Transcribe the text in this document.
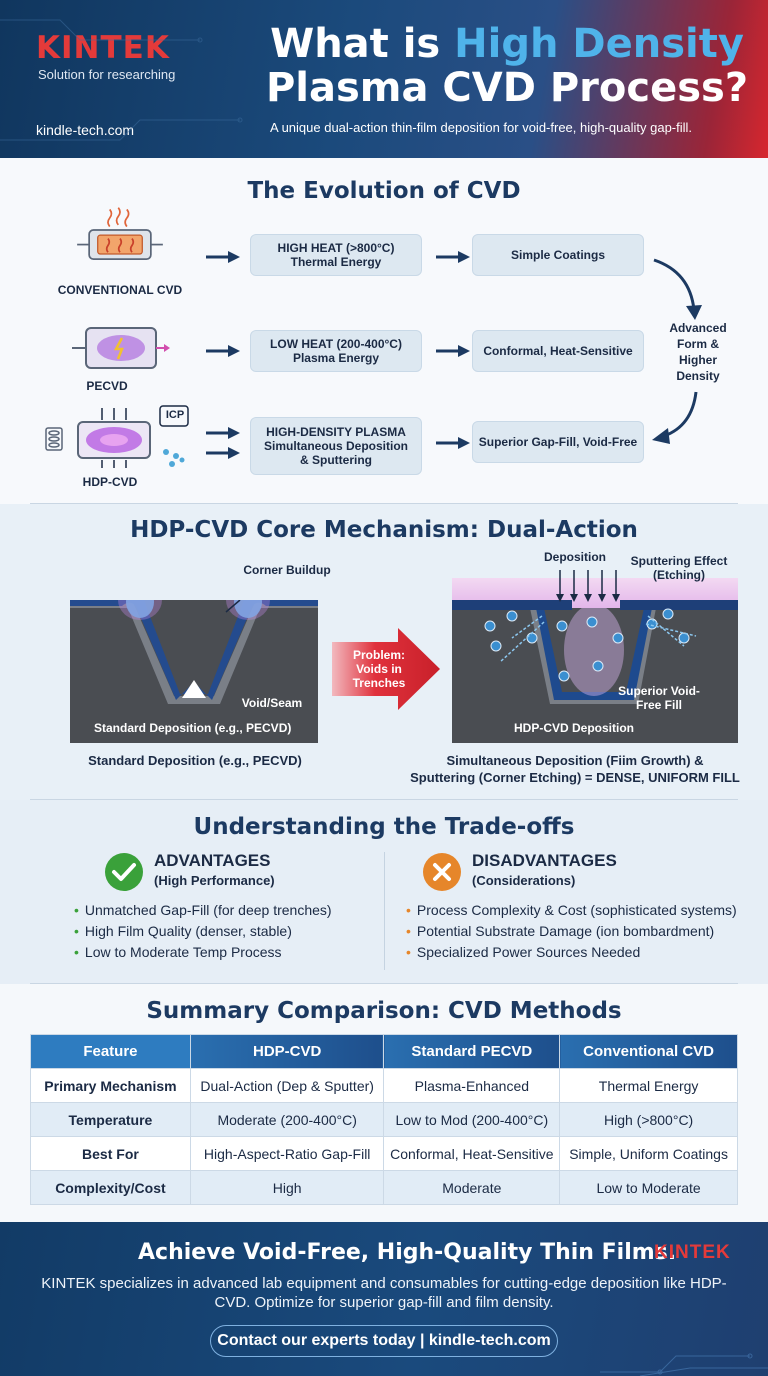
KINTEK
Solution for researching
kindle-tech.com
What is High Density
Plasma CVD Process?
A unique dual-action thin-film deposition for void-free, high-quality gap-fill.
The Evolution of CVD
CONVENTIONAL CVD
PECVD
ICP
HDP-CVD
HIGH HEAT (>800°C)
Thermal Energy
LOW HEAT (200-400°C)
Plasma Energy
HIGH-DENSITY PLASMA
Simultaneous Deposition
& Sputtering
Simple Coatings
Conformal, Heat-Sensitive
Superior Gap-Fill, Void-Free
Advanced Form & Higher Density
HDP-CVD Core Mechanism: Dual-Action
Corner Buildup
Void/Seam
Standard Deposition (e.g., PECVD)
Standard Deposition (e.g., PECVD)
Problem: Voids in Trenches
Deposition	Sputtering Effect (Etching)
Superior Void-Free Fill
HDP-CVD Deposition
Simultaneous Deposition (Fiim Growth) &
Sputtering (Corner Etching) = DENSE, UNIFORM FILL
Understanding the Trade-offs
ADVANTAGES
(High Performance)
• Unmatched Gap-Fill (for deep trenches)
• High Film Quality (denser, stable)
• Low to Moderate Temp Process
DISADVANTAGES
(Considerations)
• Process Complexity & Cost (sophisticated systems)
• Potential Substrate Damage (ion bombardment)
• Specialized Power Sources Needed
Summary Comparison: CVD Methods
Feature	HDP-CVD	Standard PECVD	Conventional CVD
Primary Mechanism	Dual-Action (Dep & Sputter)	Plasma-Enhanced	Thermal Energy
Temperature	Moderate (200-400°C)	Low to Mod (200-400°C)	High (>800°C)
Best For	High-Aspect-Ratio Gap-Fill	Conformal, Heat-Sensitive	Simple, Uniform Coatings
Complexity/Cost	High	Moderate	Low to Moderate
Achieve Void-Free, High-Quality Thin Films.
KINTEK
KINTEK specializes in advanced lab equipment and consumables for cutting-edge deposition like HDP-CVD. Optimize for superior gap-fill and film density.
Contact our experts today | kindle-tech.com
